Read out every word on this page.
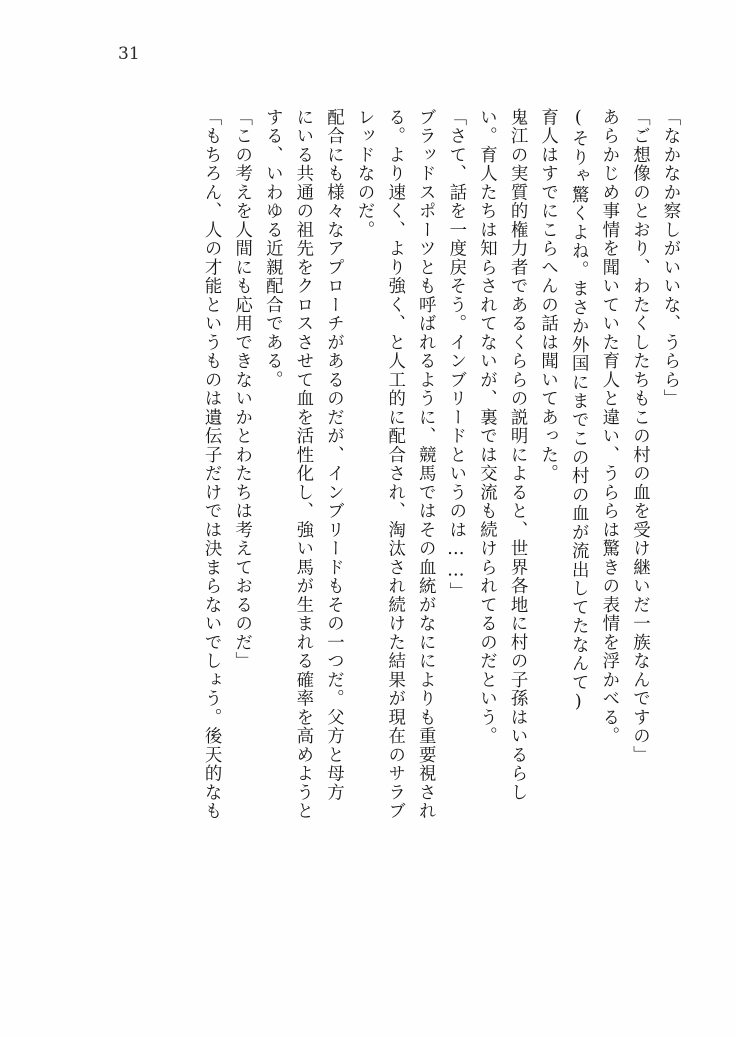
31
「なかなか察しがいいな、うらら」
「ご想像のとおり、わたくしたちもこの村の血を受け継いだ一族なんですの」
あらかじめ事情を聞いていた育人と違い、うららは驚きの表情を浮かべる。
(そりゃ驚くよね。まさか外国にまでこの村の血が流出してたなんて)
育人はすでにこらへんの話は聞いてあった。
鬼江の実質的権力者であるくららの説明によると、世界各地に村の子孫はいるらし
い。育人たちは知らされてないが、裏では交流も続けられてるのだという。
「さて、話を一度戻そう。インブリードというのは……」
ブラッドスポーツとも呼ばれるように、競馬ではその血統がなにによりも重要視され
る。より速く、より強く、と人工的に配合され、淘汰され続けた結果が現在のサラブ
レッドなのだ。
配合にも様々なアプローチがあるのだが、インブリードもその一つだ。父方と母方
にいる共通の祖先をクロスさせて血を活性化し、強い馬が生まれる確率を高めようと
する、いわゆる近親配合である。
「この考えを人間にも応用できないかとわたちは考えておるのだ」
「もちろん、人の才能というものは遺伝子だけでは決まらないでしょう。後天的なも
